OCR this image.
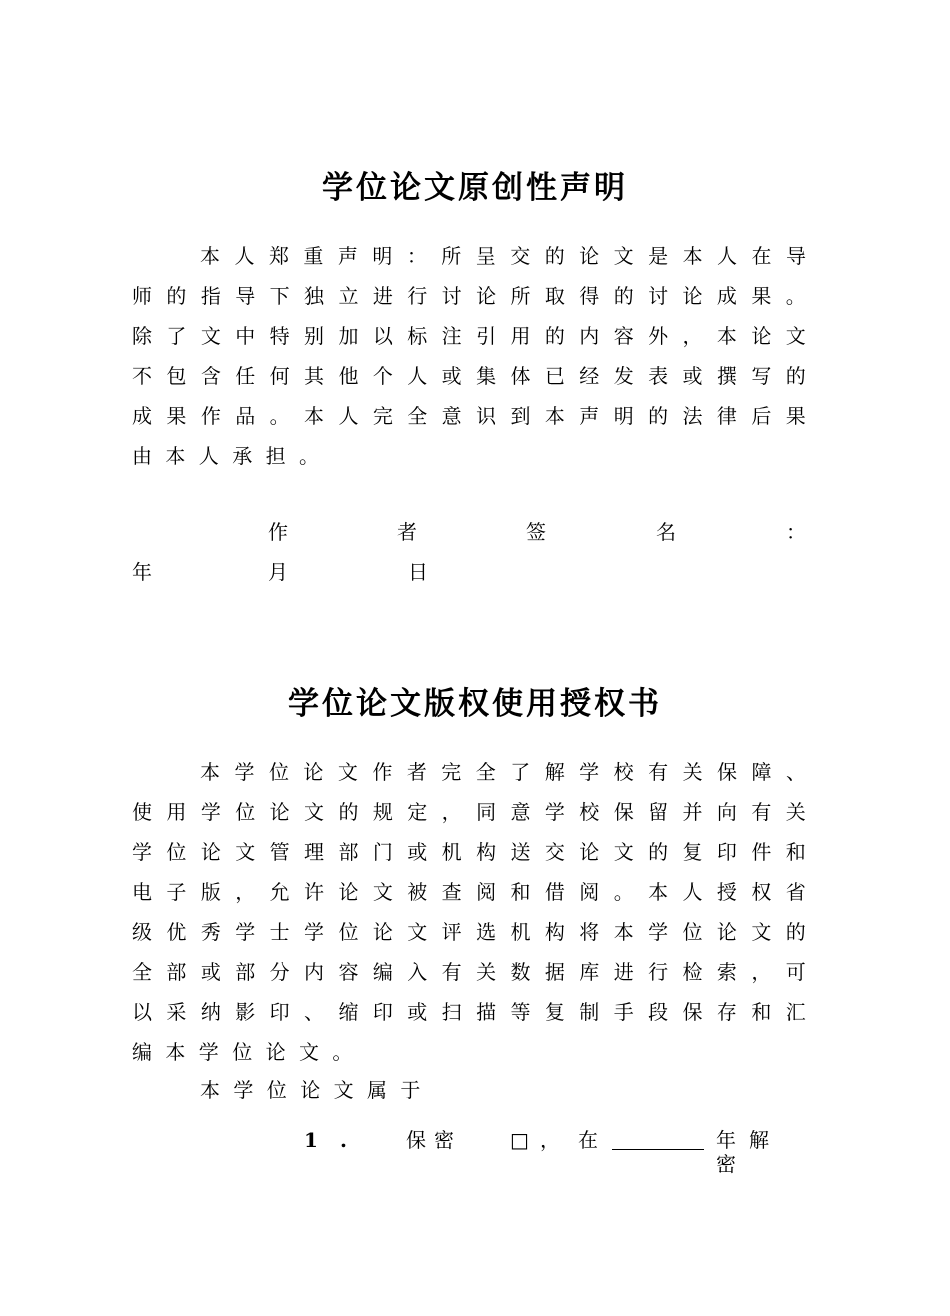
学位论文原创性声明
本 人 郑 重 声 明 ： 所 呈 交 的 论 文 是 本 人 在 导
师 的 指 导 下 独 立 进 行 讨 论 所 取 得 的 讨 论 成 果 。
除 了 文 中 特 别 加 以 标 注 引 用 的 内 容 外 ， 本 论 文
不 包 含 任 何 其 他 个 人 或 集 体 已 经 发 表 或 撰 写 的
成 果 作 品 。 本 人 完 全 意 识 到 本 声 明 的 法 律 后 果
由本人承担。
作	者	签	名	：
年	月	日
学位论文版权使用授权书
本 学 位 论 文 作 者 完 全 了 解 学 校 有 关 保 障 、
使 用 学 位 论 文 的 规 定 ， 同 意 学 校 保 留 并 向 有 关
学 位 论 文 管 理 部 门 或 机 构 送 交 论 文 的 复 印 件 和
电 子 版 ， 允 许 论 文 被 查 阅 和 借 阅 。 本 人 授 权 省
级 优 秀 学 士 学 位 论 文 评 选 机 构 将 本 学 位 论 文 的
全 部 或 部 分 内 容 编 入 有 关 数 据 库 进 行 检 索 ， 可
以 采 纳 影 印 、 缩 印 或 扫 描 等 复 制 手 段 保 存 和 汇
编本学位论文。
本学位论文属于
1 .	保密 □ ， 在	年解密
